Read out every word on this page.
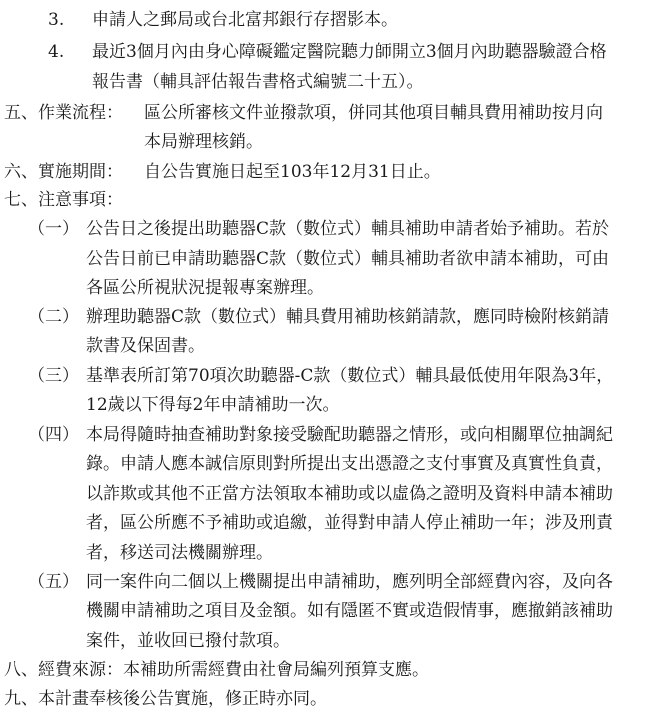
3. 申請人之郵局或台北富邦銀行存摺影本。
4. 最近3個月內由身心障礙鑑定醫院聽力師開立3個月內助聽器驗證合格
報告書（輔具評估報告書格式編號二十五）。
五、作業流程： 區公所審核文件並撥款項，併同其他項目輔具費用補助按月向
本局辦理核銷。
六、實施期間： 自公告實施日起至103年12月31日止。
七、注意事項：
（一） 公告日之後提出助聽器C款（數位式）輔具補助申請者始予補助。若於
公告日前已申請助聽器C款（數位式）輔具補助者欲申請本補助，可由
各區公所視狀況提報專案辦理。
（二） 辦理助聽器C款（數位式）輔具費用補助核銷請款，應同時檢附核銷請
款書及保固書。
（三） 基準表所訂第70項次助聽器-C款（數位式）輔具最低使用年限為3年，
12歲以下得每2年申請補助一次。
（四） 本局得隨時抽查補助對象接受驗配助聽器之情形，或向相關單位抽調紀
錄。申請人應本誠信原則對所提出支出憑證之支付事實及真實性負責，
以詐欺或其他不正當方法領取本補助或以虛偽之證明及資料申請本補助
者，區公所應不予補助或追繳，並得對申請人停止補助一年；涉及刑責
者，移送司法機關辦理。
（五） 同一案件向二個以上機關提出申請補助，應列明全部經費內容，及向各
機關申請補助之項目及金額。如有隱匿不實或造假情事，應撤銷該補助
案件，並收回已撥付款項。
八、經費來源：本補助所需經費由社會局編列預算支應。
九、本計畫奉核後公告實施，修正時亦同。
